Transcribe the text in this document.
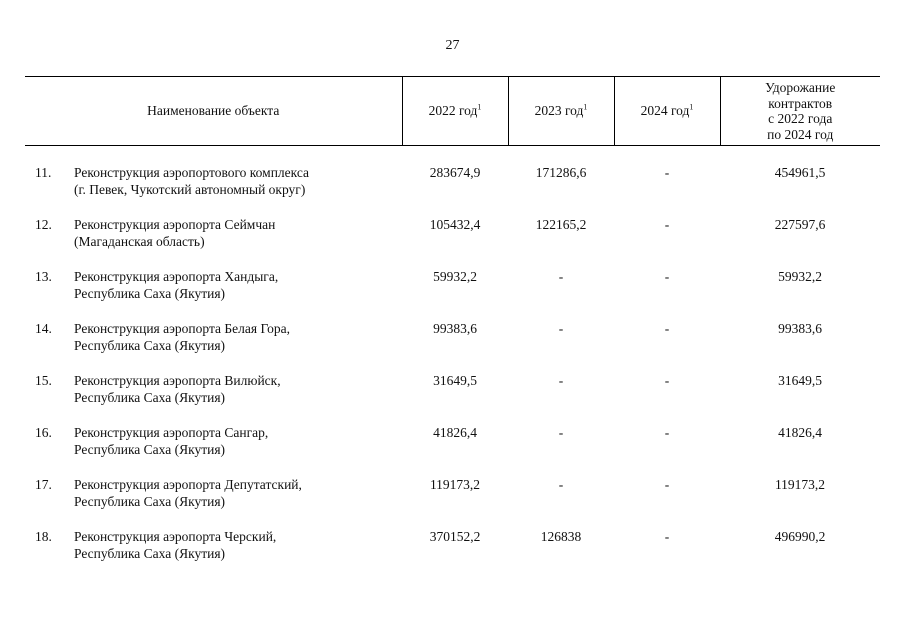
27
Наименование объекта	2022 год$^1$	2023 год$^1$	2024 год$^1$	Удорожание
контрактов
с 2022 года
по 2024 год

11. Реконструкция аэропортового комплекса
(г. Певек, Чукотский автономный округ)	283674,9	171286,6	-	454961,5

12. Реконструкция аэропорта Сеймчан
(Магаданская область)	105432,4	122165,2	-	227597,6

13. Реконструкция аэропорта Хандыга,
Республика Саха (Якутия)	59932,2	-	-	59932,2

14. Реконструкция аэропорта Белая Гора,
Республика Саха (Якутия)	99383,6	-	-	99383,6

15. Реконструкция аэропорта Вилюйск,
Республика Саха (Якутия)	31649,5	-	-	31649,5

16. Реконструкция аэропорта Сангар,
Республика Саха (Якутия)	41826,4	-	-	41826,4

17. Реконструкция аэропорта Депутатский,
Республика Саха (Якутия)	119173,2	-	-	119173,2

18. Реконструкция аэропорта Черский,
Республика Саха (Якутия)	370152,2	126838	-	496990,2
